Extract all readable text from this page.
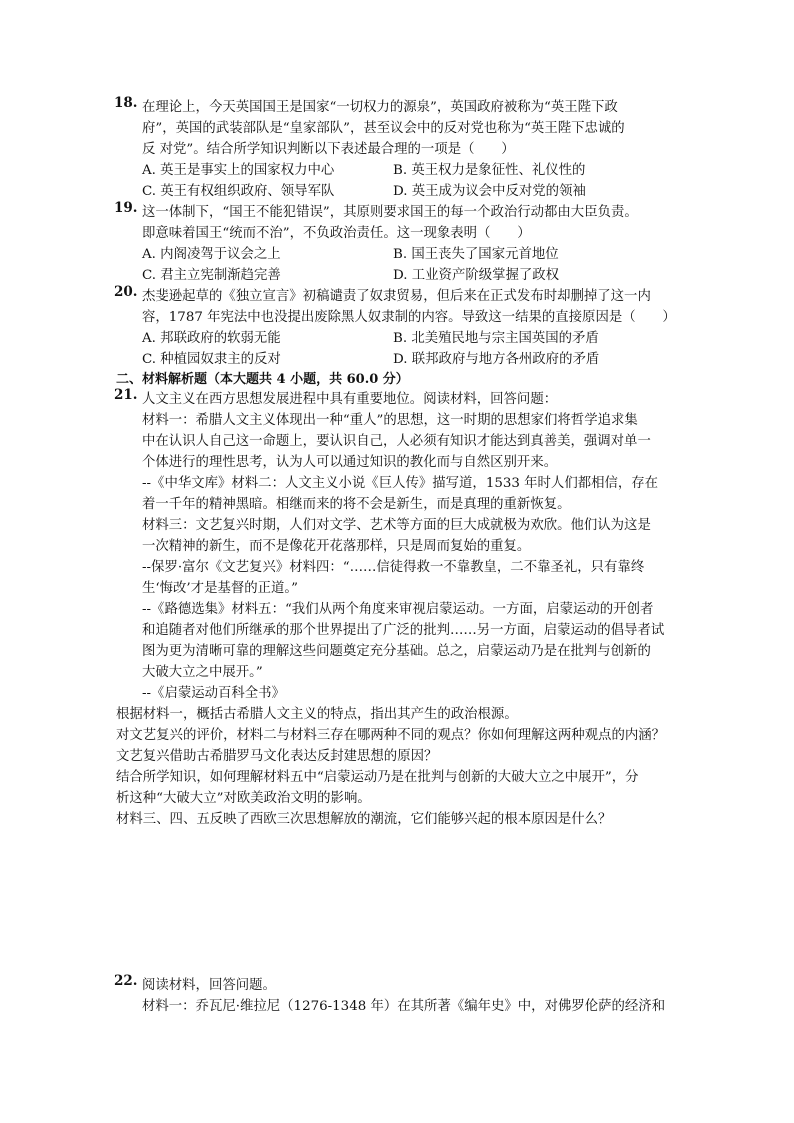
18. 在理论上，今天英国国王是国家“一切权力的源泉”，英国政府被称为“英王陛下政
府”，英国的武装部队是“皇家部队”，甚至议会中的反对党也称为“英王陛下忠诚的
反 对党”。结合所学知识判断以下表述最合理的一项是（　　）
A. 英王是事实上的国家权力中心	B. 英王权力是象征性、礼仪性的
C. 英王有权组织政府、领导军队	D. 英王成为议会中反对党的领袖
19. 这一体制下，“国王不能犯错误”，其原则要求国王的每一个政治行动都由大臣负责。
即意味着国王“统而不治”，不负政治责任。这一现象表明（　　）
A. 内阁凌驾于议会之上	B. 国王丧失了国家元首地位
C. 君主立宪制渐趋完善	D. 工业资产阶级掌握了政权
20. 杰斐逊起草的《独立宣言》初稿谴责了奴隶贸易，但后来在正式发布时却删掉了这一内
容，1787 年宪法中也没提出废除黑人奴隶制的内容。导致这一结果的直接原因是（　　）
A. 邦联政府的软弱无能	B. 北美殖民地与宗主国英国的矛盾
C. 种植园奴隶主的反对	D. 联邦政府与地方各州政府的矛盾
二、材料解析题（本大题共 4 小题，共 60.0 分）
21. 人文主义在西方思想发展进程中具有重要地位。阅读材料，回答问题：
材料一：希腊人文主义体现出一种“重人”的思想，这一时期的思想家们将哲学追求集
中在认识人自己这一命题上，要认识自己，人必须有知识才能达到真善美，强调对单一
个体进行的理性思考，认为人可以通过知识的教化而与自然区别开来。
--《中华文库》材料二：人文主义小说《巨人传》描写道，1533 年时人们都相信，存在
着一千年的精神黑暗。相继而来的将不会是新生，而是真理的重新恢复。
材料三：文艺复兴时期，人们对文学、艺术等方面的巨大成就极为欢欣。他们认为这是
一次精神的新生，而不是像花开花落那样，只是周而复始的重复。
--保罗·富尔《文艺复兴》材料四：“……信徒得救一不靠教皇，二不靠圣礼，只有靠终
生‘悔改’才是基督的正道。”
--《路德选集》材料五：“我们从两个角度来审视启蒙运动。一方面，启蒙运动的开创者
和追随者对他们所继承的那个世界提出了广泛的批判……另一方面，启蒙运动的倡导者试
图为更为清晰可靠的理解这些问题奠定充分基础。总之，启蒙运动乃是在批判与创新的
大破大立之中展开。”
--《启蒙运动百科全书》
根据材料一，概括古希腊人文主义的特点，指出其产生的政治根源。
对文艺复兴的评价，材料二与材料三存在哪两种不同的观点？你如何理解这两种观点的内涵？
文艺复兴借助古希腊罗马文化表达反封建思想的原因？
结合所学知识，如何理解材料五中“启蒙运动乃是在批判与创新的大破大立之中展开”，分
析这种“大破大立”对欧美政治文明的影响。
材料三、四、五反映了西欧三次思想解放的潮流，它们能够兴起的根本原因是什么？
22. 阅读材料，回答问题。
材料一：乔瓦尼·维拉尼（1276-1348 年）在其所著《编年史》中，对佛罗伦萨的经济和
